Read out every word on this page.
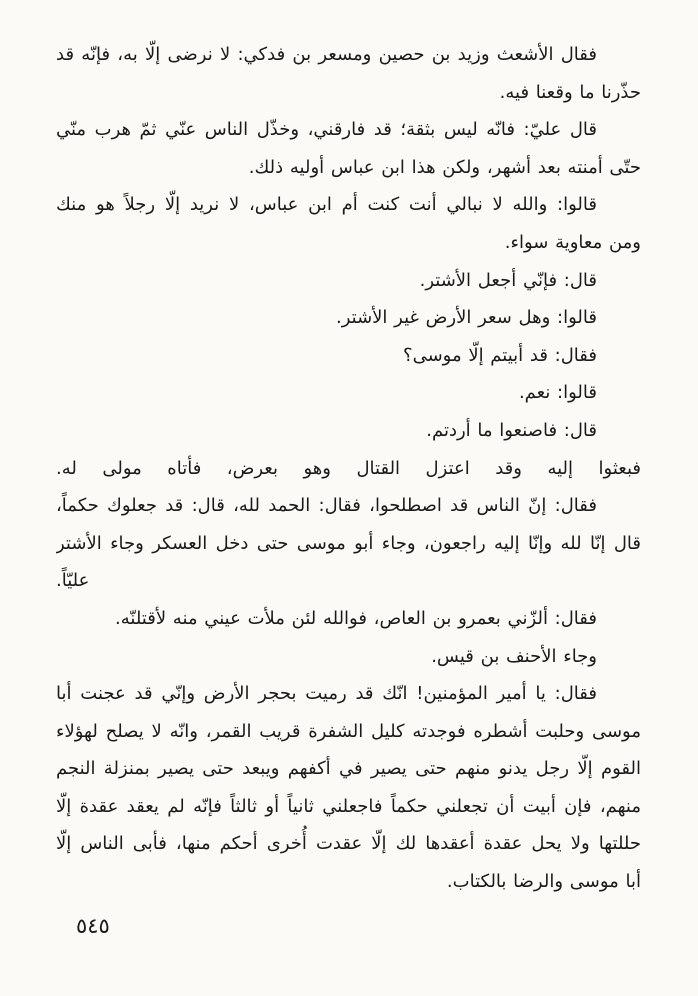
فقال الأشعث وزيد بن حصين ومسعر بن فدكي: لا نرضى إلّا به، فإنّه قد
حذّرنا ما وقعنا فيه.
قال عليّ: فانّه ليس بثقة؛ قد فارقني، وخذّل الناس عنّي ثمّ هرب منّي
حتّى أمنته بعد أشهر، ولكن هذا ابن عباس أوليه ذلك.
قالوا: والله لا نبالي أنت كنت أم ابن عباس، لا نريد إلّا رجلاً هو منك
ومن معاوية سواء.
قال: فإنّي أجعل الأشتر.
قالوا: وهل سعر الأرض غير الأشتر.
فقال: قد أبيتم إلّا موسى؟
قالوا: نعم.
قال: فاصنعوا ما أردتم.
فبعثوا إليه وقد اعتزل القتال وهو بعرض، فأتاه مولى له.
فقال: إنّ الناس قد اصطلحوا، فقال: الحمد لله، قال: قد جعلوك حكماً،
قال إنّا لله وإنّا إليه راجعون، وجاء أبو موسى حتى دخل العسكر وجاء الأشتر
عليّاً.
فقال: ألزّني بعمرو بن العاص، فوالله لئن ملأت عيني منه لأقتلنّه.
وجاء الأحنف بن قيس.
فقال: يا أمير المؤمنين! انّك قد رميت بحجر الأرض وإنّي قد عجنت أبا
موسى وحلبت أشطره فوجدته كليل الشفرة قريب القمر، وانّه لا يصلح لهؤلاء
القوم إلّا رجل يدنو منهم حتى يصير في أكفهم ويبعد حتى يصير بمنزلة النجم
منهم، فإن أبيت أن تجعلني حكماً فاجعلني ثانياً أو ثالثاً فإنّه لم يعقد عقدة إلّا
حللتها ولا يحل عقدة أعقدها لك إلّا عقدت أُخرى أحكم منها، فأبى الناس إلّا
أبا موسى والرضا بالكتاب.
٥٤٥
